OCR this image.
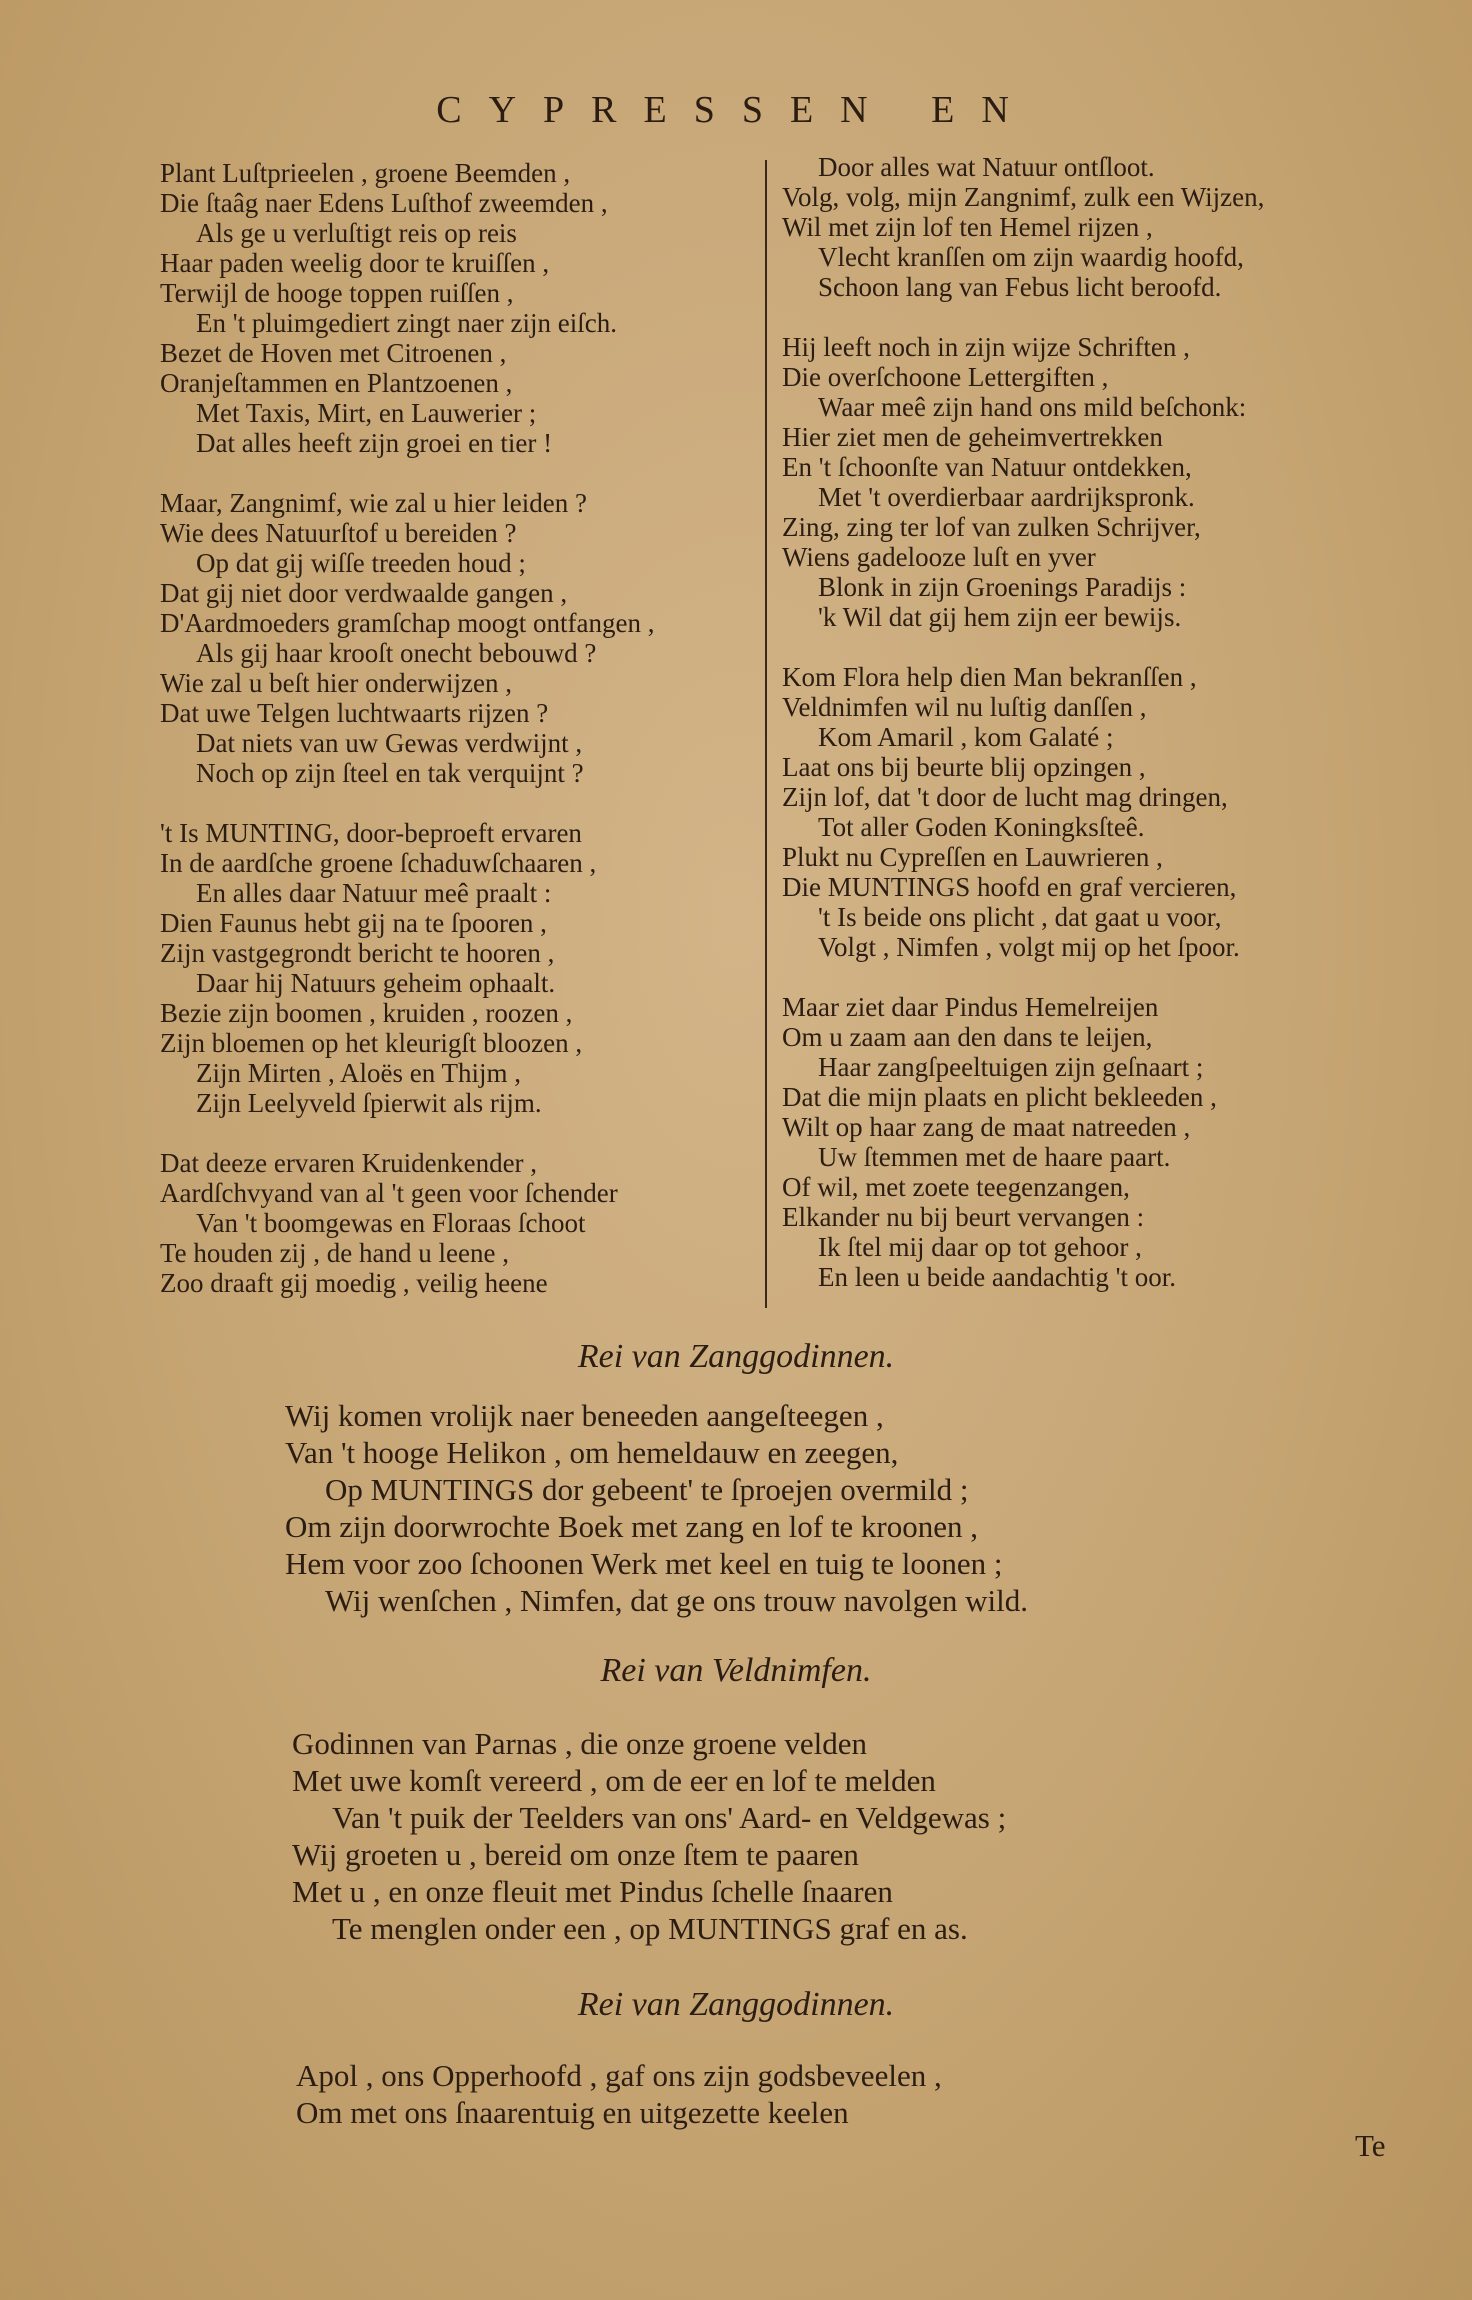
CYPRESSEN EN
Plant Luſtprieelen , groene Beemden ,
Die ſtaâg naer Edens Luſthof zweemden ,
Als ge u verluſtigt reis op reis
Haar paden weelig door te kruiſſen ,
Terwijl de hooge toppen ruiſſen ,
En 't pluimgediert zingt naer zijn eiſch.
Bezet de Hoven met Citroenen ,
Oranjeſtammen en Plantzoenen ,
Met Taxis, Mirt, en Lauwerier ;
Dat alles heeft zijn groei en tier !
Maar, Zangnimf, wie zal u hier leiden ?
Wie dees Natuurſtof u bereiden ?
Op dat gij wiſſe treeden houd ;
Dat gij niet door verdwaalde gangen ,
D'Aardmoeders gramſchap moogt ontfangen ,
Als gij haar krooſt onecht bebouwd ?
Wie zal u beſt hier onderwijzen ,
Dat uwe Telgen luchtwaarts rijzen ?
Dat niets van uw Gewas verdwijnt ,
Noch op zijn ſteel en tak verquijnt ?
't Is MUNTING, door-beproeft ervaren
In de aardſche groene ſchaduwſchaaren ,
En alles daar Natuur meê praalt :
Dien Faunus hebt gij na te ſpooren ,
Zijn vastgegrondt bericht te hooren ,
Daar hij Natuurs geheim ophaalt.
Bezie zijn boomen , kruiden , roozen ,
Zijn bloemen op het kleurigſt bloozen ,
Zijn Mirten , Aloës en Thijm ,
Zijn Leelyveld ſpierwit als rijm.
Dat deeze ervaren Kruidenkender ,
Aardſchvyand van al 't geen voor ſchender
Van 't boomgewas en Floraas ſchoot
Te houden zij , de hand u leene ,
Zoo draaft gij moedig , veilig heene
Door alles wat Natuur ontſloot.
Volg, volg, mijn Zangnimf, zulk een Wijzen,
Wil met zijn lof ten Hemel rijzen ,
Vlecht kranſſen om zijn waardig hoofd,
Schoon lang van Febus licht beroofd.
Hij leeft noch in zijn wijze Schriften ,
Die overſchoone Lettergiften ,
Waar meê zijn hand ons mild beſchonk:
Hier ziet men de geheimvertrekken
En 't ſchoonſte van Natuur ontdekken,
Met 't overdierbaar aardrijkspronk.
Zing, zing ter lof van zulken Schrijver,
Wiens gadelooze luſt en yver
Blonk in zijn Groenings Paradijs :
'k Wil dat gij hem zijn eer bewijs.
Kom Flora help dien Man bekranſſen ,
Veldnimfen wil nu luſtig danſſen ,
Kom Amaril , kom Galaté ;
Laat ons bij beurte blij opzingen ,
Zijn lof, dat 't door de lucht mag dringen,
Tot aller Goden Koningksſteê.
Plukt nu Cypreſſen en Lauwrieren ,
Die MUNTINGS hoofd en graf vercieren,
't Is beide ons plicht , dat gaat u voor,
Volgt , Nimfen , volgt mij op het ſpoor.
Maar ziet daar Pindus Hemelreijen
Om u zaam aan den dans te leijen,
Haar zangſpeeltuigen zijn geſnaart ;
Dat die mijn plaats en plicht bekleeden ,
Wilt op haar zang de maat natreeden ,
Uw ſtemmen met de haare paart.
Of wil, met zoete teegenzangen,
Elkander nu bij beurt vervangen :
Ik ſtel mij daar op tot gehoor ,
En leen u beide aandachtig 't oor.
Rei van Zanggodinnen.
Wij komen vrolijk naer beneeden aangeſteegen ,
Van 't hooge Helikon , om hemeldauw en zeegen,
Op MUNTINGS dor gebeent' te ſproejen overmild ;
Om zijn doorwrochte Boek met zang en lof te kroonen ,
Hem voor zoo ſchoonen Werk met keel en tuig te loonen ;
Wij wenſchen , Nimfen, dat ge ons trouw navolgen wild.
Rei van Veldnimfen.
Godinnen van Parnas , die onze groene velden
Met uwe komſt vereerd , om de eer en lof te melden
Van 't puik der Teelders van ons' Aard- en Veldgewas ;
Wij groeten u , bereid om onze ſtem te paaren
Met u , en onze fleuit met Pindus ſchelle ſnaaren
Te menglen onder een , op MUNTINGS graf en as.
Rei van Zanggodinnen.
Apol , ons Opperhoofd , gaf ons zijn godsbeveelen ,
Om met ons ſnaarentuig en uitgezette keelen
Te
